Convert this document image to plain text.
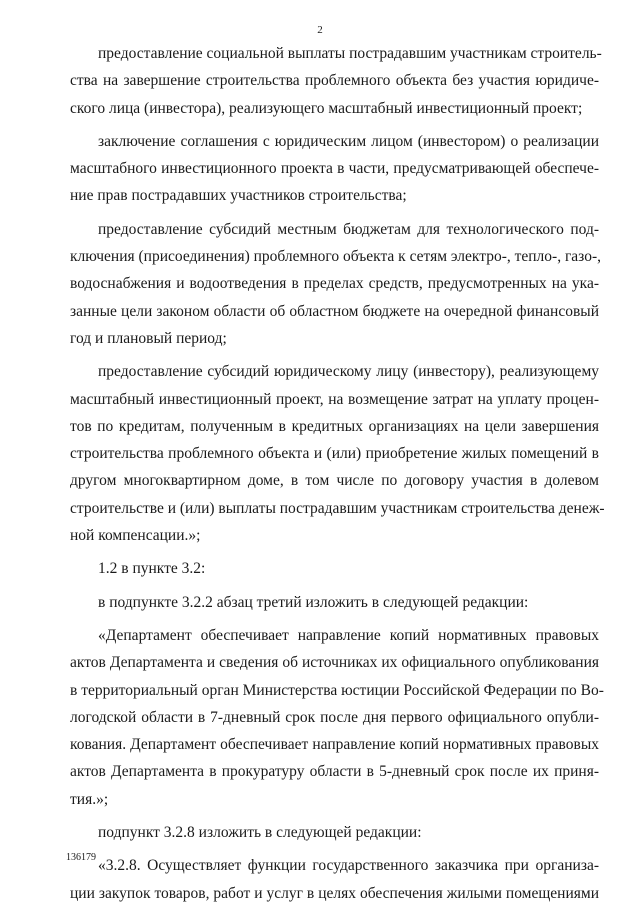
2
предоставление социальной выплаты пострадавшим участникам строитель-
ства на завершение строительства проблемного объекта без участия юридиче-
ского лица (инвестора), реализующего масштабный инвестиционный проект;
заключение соглашения с юридическим лицом (инвестором) о реализации
масштабного инвестиционного проекта в части, предусматривающей обеспече-
ние прав пострадавших участников строительства;
предоставление субсидий местным бюджетам для технологического под-
ключения (присоединения) проблемного объекта к сетям электро-, тепло-, газо-,
водоснабжения и водоотведения в пределах средств, предусмотренных на ука-
занные цели законом области об областном бюджете на очередной финансовый
год и плановый период;
предоставление субсидий юридическому лицу (инвестору), реализующему
масштабный инвестиционный проект, на возмещение затрат на уплату процен-
тов по кредитам, полученным в кредитных организациях на цели завершения
строительства проблемного объекта и (или) приобретение жилых помещений в
другом многоквартирном доме, в том числе по договору участия в долевом
строительстве и (или) выплаты пострадавшим участникам строительства денеж-
ной компенсации.»;
1.2 в пункте 3.2:
в подпункте 3.2.2 абзац третий изложить в следующей редакции:
«Департамент обеспечивает направление копий нормативных правовых
актов Департамента и сведения об источниках их официального опубликования
в территориальный орган Министерства юстиции Российской Федерации по Во-
логодской области в 7-дневный срок после дня первого официального опубли-
кования. Департамент обеспечивает направление копий нормативных правовых
актов Департамента в прокуратуру области в 5-дневный срок после их приня-
тия.»;
подпункт 3.2.8 изложить в следующей редакции:
«3.2.8. Осуществляет функции государственного заказчика при организа-
ции закупок товаров, работ и услуг в целях обеспечения жилыми помещениями
136179
